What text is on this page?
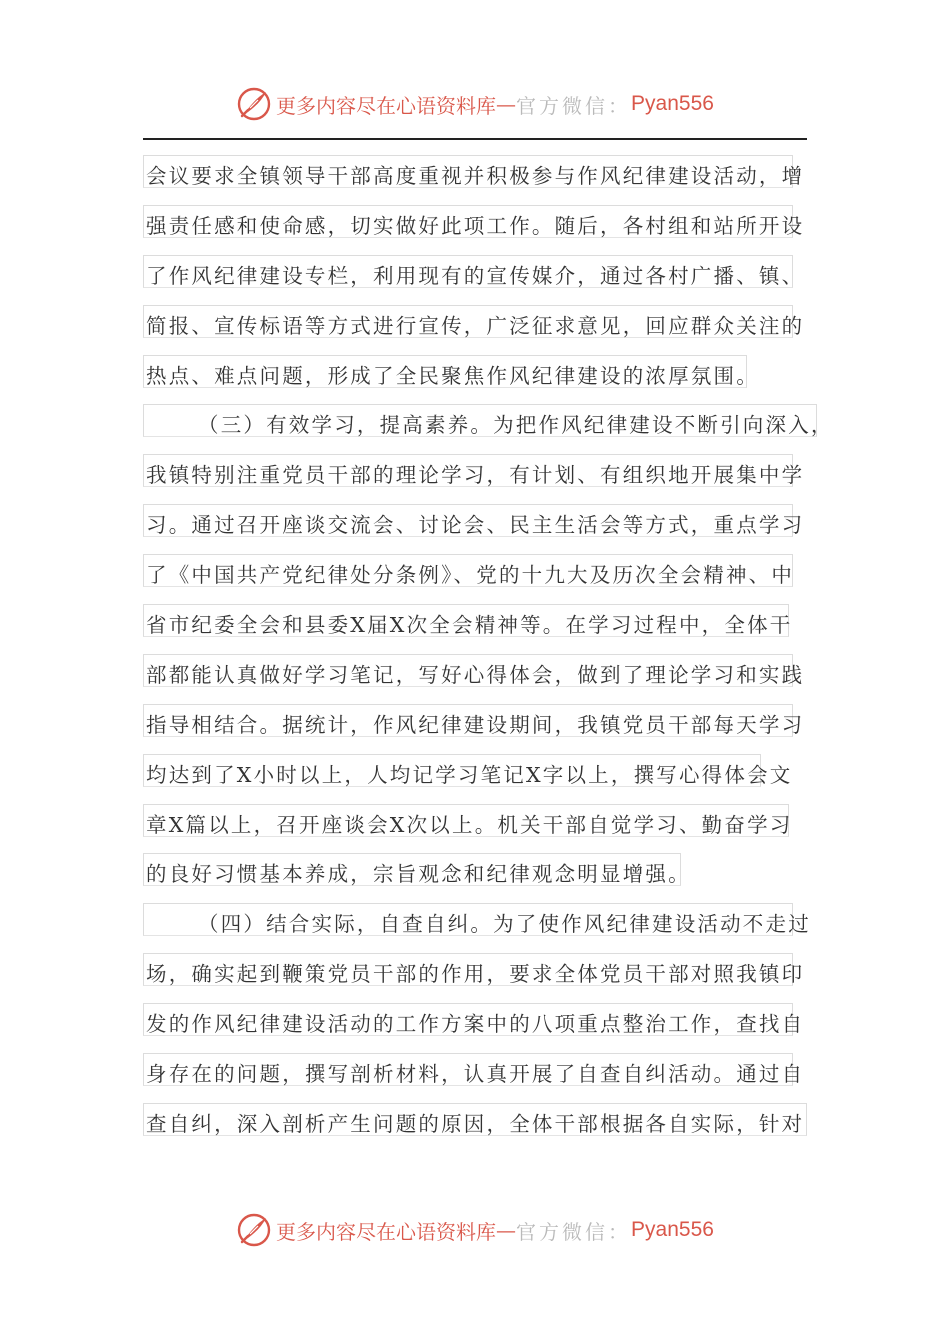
更多内容尽在心语资料库 — 官方微信： Pyan556
会议要求全镇领导干部高度重视并积极参与作风纪律建设活动，增
强责任感和使命感，切实做好此项工作。随后，各村组和站所开设
了作风纪律建设专栏，利用现有的宣传媒介，通过各村广播、镇、
简报、宣传标语等方式进行宣传，广泛征求意见，回应群众关注的
热点、难点问题，形成了全民聚焦作风纪律建设的浓厚氛围。
（三）有效学习，提高素养。为把作风纪律建设不断引向深入，
我镇特别注重党员干部的理论学习，有计划、有组织地开展集中学
习。通过召开座谈交流会、讨论会、民主生活会等方式，重点学习
了《中国共产党纪律处分条例》、党的十九大及历次全会精神、中
省市纪委全会和县委X届X次全会精神等。在学习过程中，全体干
部都能认真做好学习笔记，写好心得体会，做到了理论学习和实践
指导相结合。据统计，作风纪律建设期间，我镇党员干部每天学习
均达到了X小时以上，人均记学习笔记X字以上，撰写心得体会文
章X篇以上，召开座谈会X次以上。机关干部自觉学习、勤奋学习
的良好习惯基本养成，宗旨观念和纪律观念明显增强。
（四）结合实际，自查自纠。为了使作风纪律建设活动不走过
场，确实起到鞭策党员干部的作用，要求全体党员干部对照我镇印
发的作风纪律建设活动的工作方案中的八项重点整治工作，查找自
身存在的问题，撰写剖析材料，认真开展了自查自纠活动。通过自
查自纠，深入剖析产生问题的原因，全体干部根据各自实际，针对
更多内容尽在心语资料库 — 官方微信： Pyan556
